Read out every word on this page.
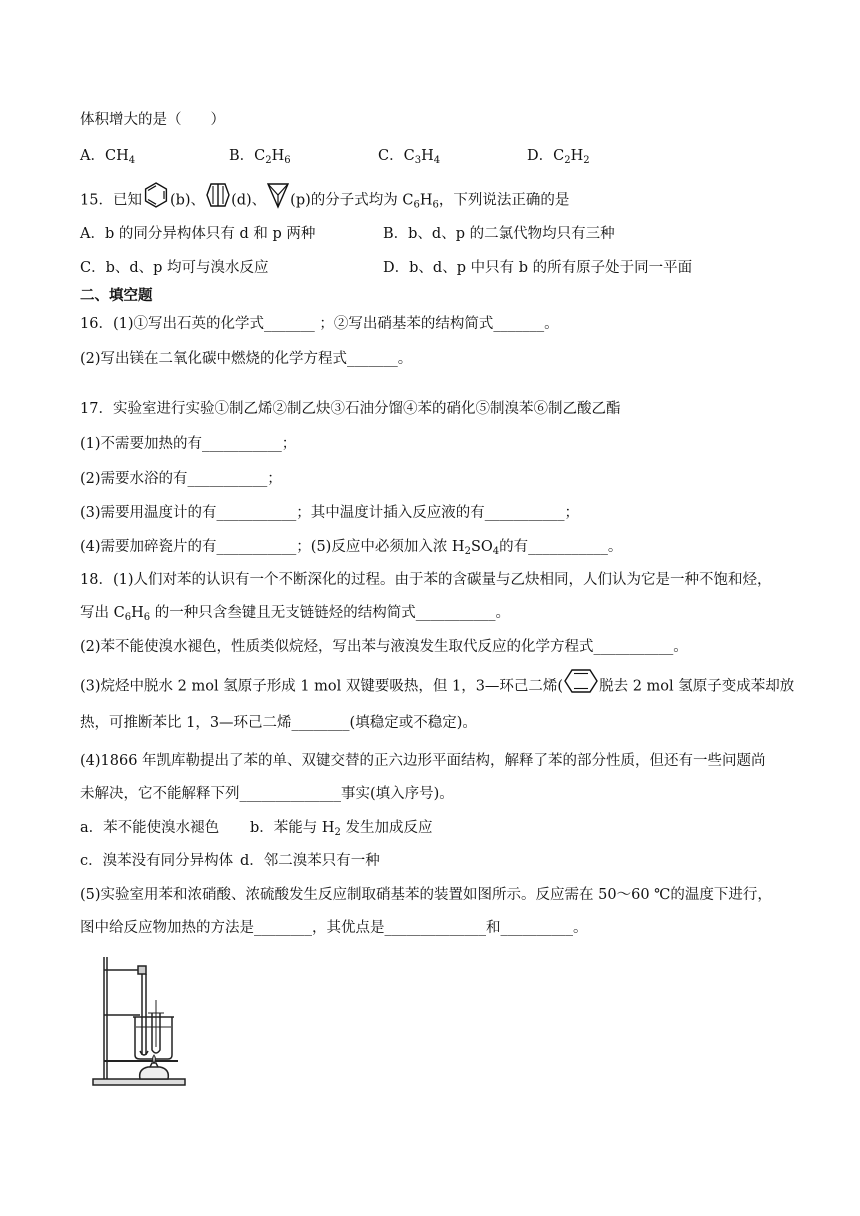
体积增大的是（　　）
A．$CH_4$	B．$C_2H_6$	C．$C_3H_4$	D．$C_2H_2$
15．已知 (b)、 (d)、 (p)的分子式均为 $C_6H_6$，下列说法正确的是
A．b 的同分异构体只有 d 和 p 两种	B．b、d、p 的二氯代物均只有三种
C．b、d、p 均可与溴水反应	D．b、d、p 中只有 b 的所有原子处于同一平面
二、填空题
16．(1)①写出石英的化学式_______ ；②写出硝基苯的结构简式_______。
(2)写出镁在二氧化碳中燃烧的化学方程式_______。
17．实验室进行实验①制乙烯②制乙炔③石油分馏④苯的硝化⑤制溴苯⑥制乙酸乙酯
(1)不需要加热的有___________；
(2)需要水浴的有___________；
(3)需要用温度计的有___________；其中温度计插入反应液的有___________；
(4)需要加碎瓷片的有___________；(5)反应中必须加入浓 $H_2SO_4$的有___________。
18．(1)人们对苯的认识有一个不断深化的过程。由于苯的含碳量与乙炔相同，人们认为它是一种不饱和烃，
写出 $C_6H_6$ 的一种只含叁键且无支链链烃的结构简式___________。
(2)苯不能使溴水褪色，性质类似烷烃，写出苯与液溴发生取代反应的化学方程式___________。
(3)烷烃中脱水 2 mol 氢原子形成 1 mol 双键要吸热，但 1，3—环己二烯( 脱去 2 mol 氢原子变成苯却放
热，可推断苯比 1，3—环己二烯________(填稳定或不稳定)。
(4)1866 年凯库勒提出了苯的单、双键交替的正六边形平面结构，解释了苯的部分性质，但还有一些问题尚
未解决，它不能解释下列______________事实(填入序号)。
a．苯不能使溴水褪色 b．苯能与 $H_2$ 发生加成反应
c．溴苯没有同分异构体 d．邻二溴苯只有一种
(5)实验室用苯和浓硝酸、浓硫酸发生反应制取硝基苯的装置如图所示。反应需在 50～60 ℃的温度下进行，
图中给反应物加热的方法是________，其优点是______________和__________。
